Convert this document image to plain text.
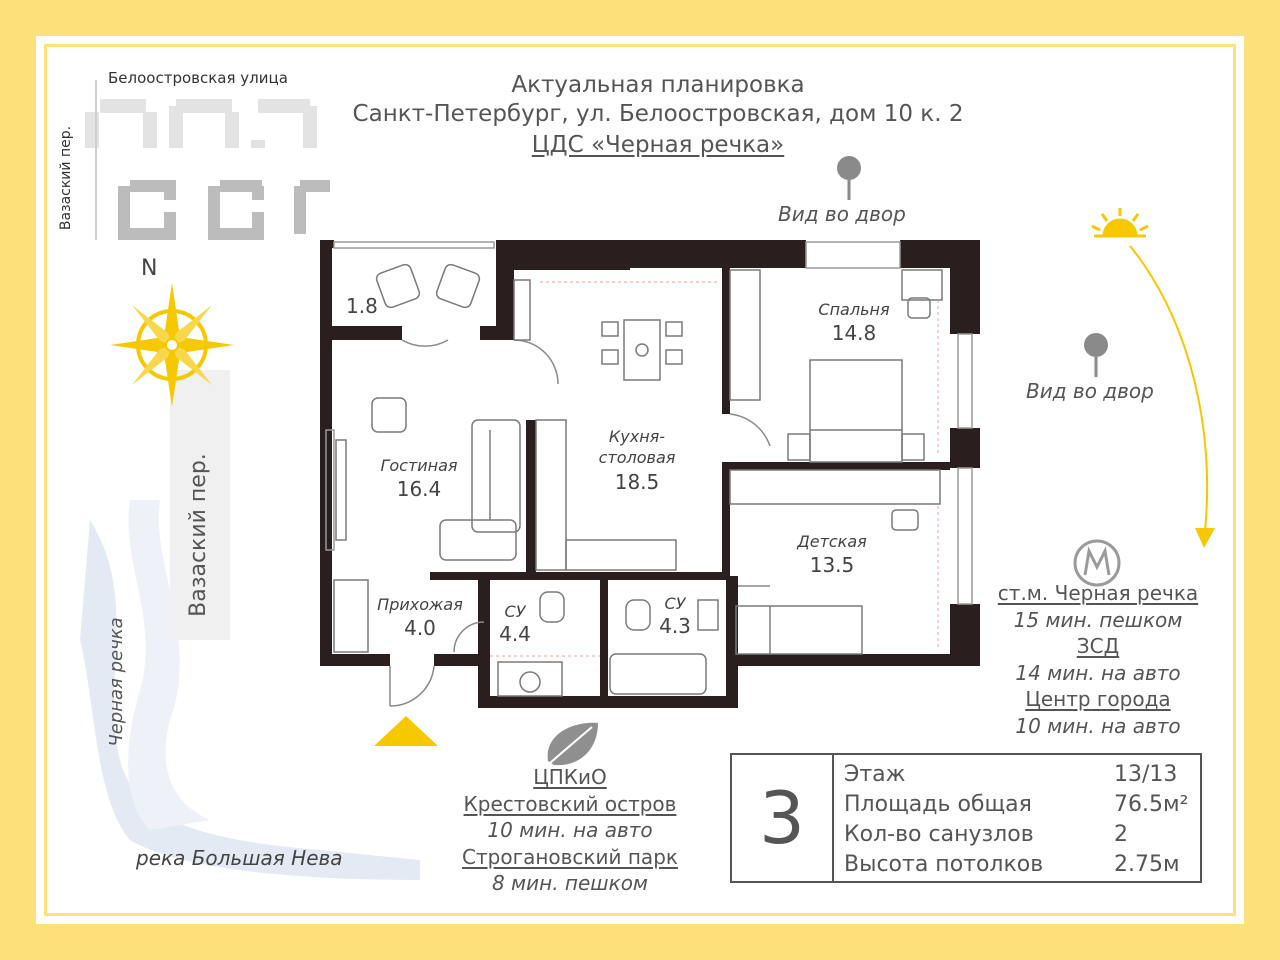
Актуальная планировка
Санкт-Петербург, ул. Белоостровская, дом 10 к. 2
ЦДС «Черная речка»
Белоостровская улица
Вазаский пер.
N
Вазаский пер.
Черная речка
река Большая Нева
Вид во двор
Вид во двор
1.8
Гостиная
16.4
Кухня-
столовая
18.5
Спальня
14.8
Детская
13.5
Прихожая
4.0
СУ
4.4
СУ
4.3
ст.м. Черная речка
15 мин. пешком
ЗСД
14 мин. на авто
Центр города
10 мин. на авто
ЦПКиО
Крестовский остров
10 мин. на авто
Строгановский парк
8 мин. пешком
3
Этаж	13/13
Площадь общая	76.5м²
Кол-во санузлов	2
Высота потолков	2.75м
